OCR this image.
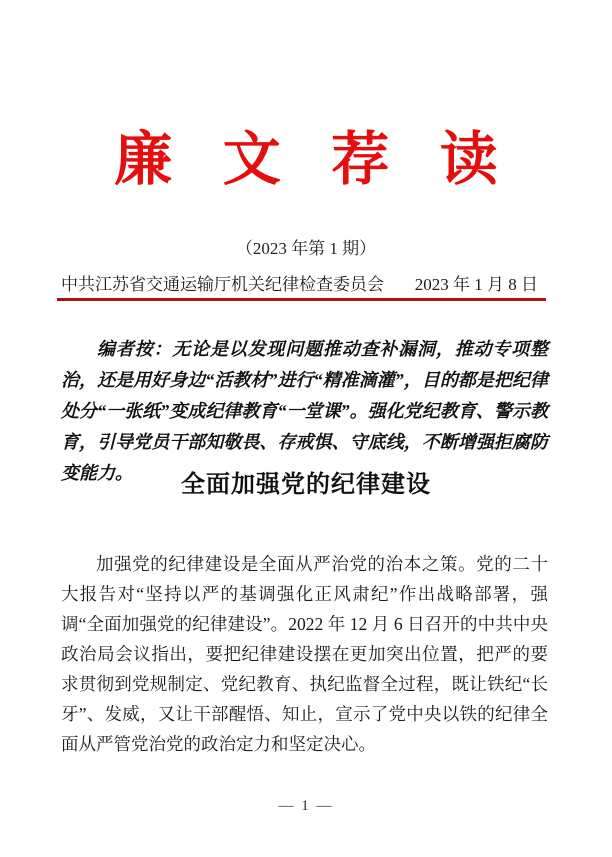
廉 文 荐 读
（2023 年第 1 期）
中共江苏省交通运输厅机关纪律检查委员会 2023 年 1 月 8 日

编者按：无论是以发现问题推动查补漏洞，推动专项整治，还是用好身边“活教材”进行“精准滴灌”，目的都是把纪律处分“一张纸”变成纪律教育“一堂课”。强化党纪教育、警示教育，引导党员干部知敬畏、存戒惧、守底线，不断增强拒腐防变能力。	全面加强党的纪律建设

加强党的纪律建设是全面从严治党的治本之策。党的二十大报告对“坚持以严的基调强化正风肃纪”作出战略部署，强调“全面加强党的纪律建设”。2022 年 12 月 6 日召开的中共中央政治局会议指出，要把纪律建设摆在更加突出位置，把严的要求贯彻到党规制定、党纪教育、执纪监督全过程，既让铁纪“长牙”、发威，又让干部醒悟、知止，宣示了党中央以铁的纪律全面从严管党治党的政治定力和坚定决心。

— 1 —
